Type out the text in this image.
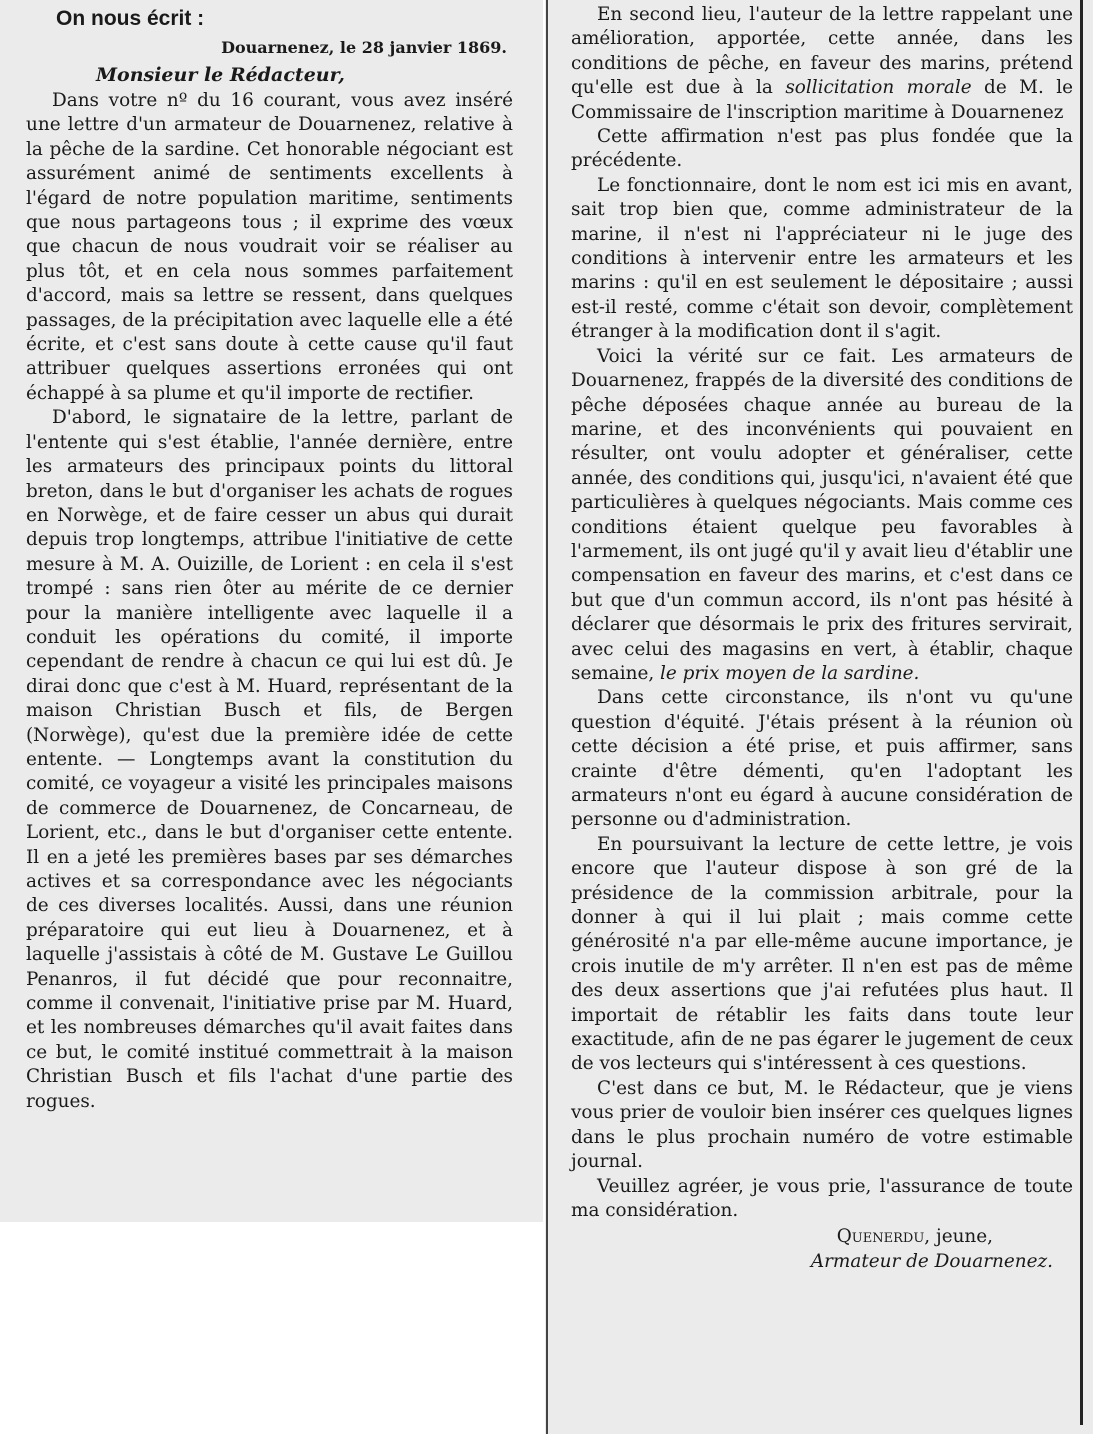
On nous écrit :

Douarnenez, le 28 janvier 1869.

Monsieur le Rédacteur,

Dans votre nº du 16 courant, vous avez inséré une lettre d'un armateur de Douarnenez, relative à la pêche de la sardine. Cet honorable négociant est assurément animé de sentiments excellents à l'égard de notre population maritime, sentiments que nous partageons tous ; il exprime des vœux que chacun de nous voudrait voir se réaliser au plus tôt, et en cela nous sommes parfaitement d'accord, mais sa lettre se ressent, dans quelques passages, de la précipitation avec laquelle elle a été écrite, et c'est sans doute à cette cause qu'il faut attribuer quelques assertions erronées qui ont échappé à sa plume et qu'il importe de rectifier.

D'abord, le signataire de la lettre, parlant de l'entente qui s'est établie, l'année dernière, entre les armateurs des principaux points du littoral breton, dans le but d'organiser les achats de rogues en Norwège, et de faire cesser un abus qui durait depuis trop longtemps, attribue l'initiative de cette mesure à M. A. Ouizille, de Lorient : en cela il s'est trompé : sans rien ôter au mérite de ce dernier pour la manière intelligente avec laquelle il a conduit les opérations du comité, il importe cependant de rendre à chacun ce qui lui est dû. Je dirai donc que c'est à M. Huard, représentant de la maison Christian Busch et fils, de Bergen (Norwège), qu'est due la première idée de cette entente. — Longtemps avant la constitution du comité, ce voyageur a visité les principales maisons de commerce de Douarnenez, de Concarneau, de Lorient, etc., dans le but d'organiser cette entente. Il en a jeté les premières bases par ses démarches actives et sa correspondance avec les négociants de ces diverses localités. Aussi, dans une réunion préparatoire qui eut lieu à Douarnenez, et à laquelle j'assistais à côté de M. Gustave Le Guillou Penanros, il fut décidé que pour reconnaitre, comme il convenait, l'initiative prise par M. Huard, et les nombreuses démarches qu'il avait faites dans ce but, le comité institué commettrait à la maison Christian Busch et fils l'achat d'une partie des rogues.

En second lieu, l'auteur de la lettre rappelant une amélioration, apportée, cette année, dans les conditions de pêche, en faveur des marins, prétend qu'elle est due à la sollicitation morale de M. le Commissaire de l'inscription maritime à Douarnenez

Cette affirmation n'est pas plus fondée que la précédente.

Le fonctionnaire, dont le nom est ici mis en avant, sait trop bien que, comme administrateur de la marine, il n'est ni l'appréciateur ni le juge des conditions à intervenir entre les armateurs et les marins : qu'il en est seulement le dépositaire ; aussi est-il resté, comme c'était son devoir, complètement étranger à la modification dont il s'agit.

Voici la vérité sur ce fait. Les armateurs de Douarnenez, frappés de la diversité des conditions de pêche déposées chaque année au bureau de la marine, et des inconvénients qui pouvaient en résulter, ont voulu adopter et généraliser, cette année, des conditions qui, jusqu'ici, n'avaient été que particulières à quelques négociants. Mais comme ces conditions étaient quelque peu favorables à l'armement, ils ont jugé qu'il y avait lieu d'établir une compensation en faveur des marins, et c'est dans ce but que d'un commun accord, ils n'ont pas hésité à déclarer que désormais le prix des fritures servirait, avec celui des magasins en vert, à établir, chaque semaine, le prix moyen de la sardine.

Dans cette circonstance, ils n'ont vu qu'une question d'équité. J'étais présent à la réunion où cette décision a été prise, et puis affirmer, sans crainte d'être démenti, qu'en l'adoptant les armateurs n'ont eu égard à aucune considération de personne ou d'administration.

En poursuivant la lecture de cette lettre, je vois encore que l'auteur dispose à son gré de la présidence de la commission arbitrale, pour la donner à qui il lui plait ; mais comme cette générosité n'a par elle-même aucune importance, je crois inutile de m'y arrêter. Il n'en est pas de même des deux assertions que j'ai refutées plus haut. Il importait de rétablir les faits dans toute leur exactitude, afin de ne pas égarer le jugement de ceux de vos lecteurs qui s'intéressent à ces questions.

C'est dans ce but, M. le Rédacteur, que je viens vous prier de vouloir bien insérer ces quelques lignes dans le plus prochain numéro de votre estimable journal.

Veuillez agréer, je vous prie, l'assurance de toute ma considération.

Quenerdu, jeune,

Armateur de Douarnenez.
